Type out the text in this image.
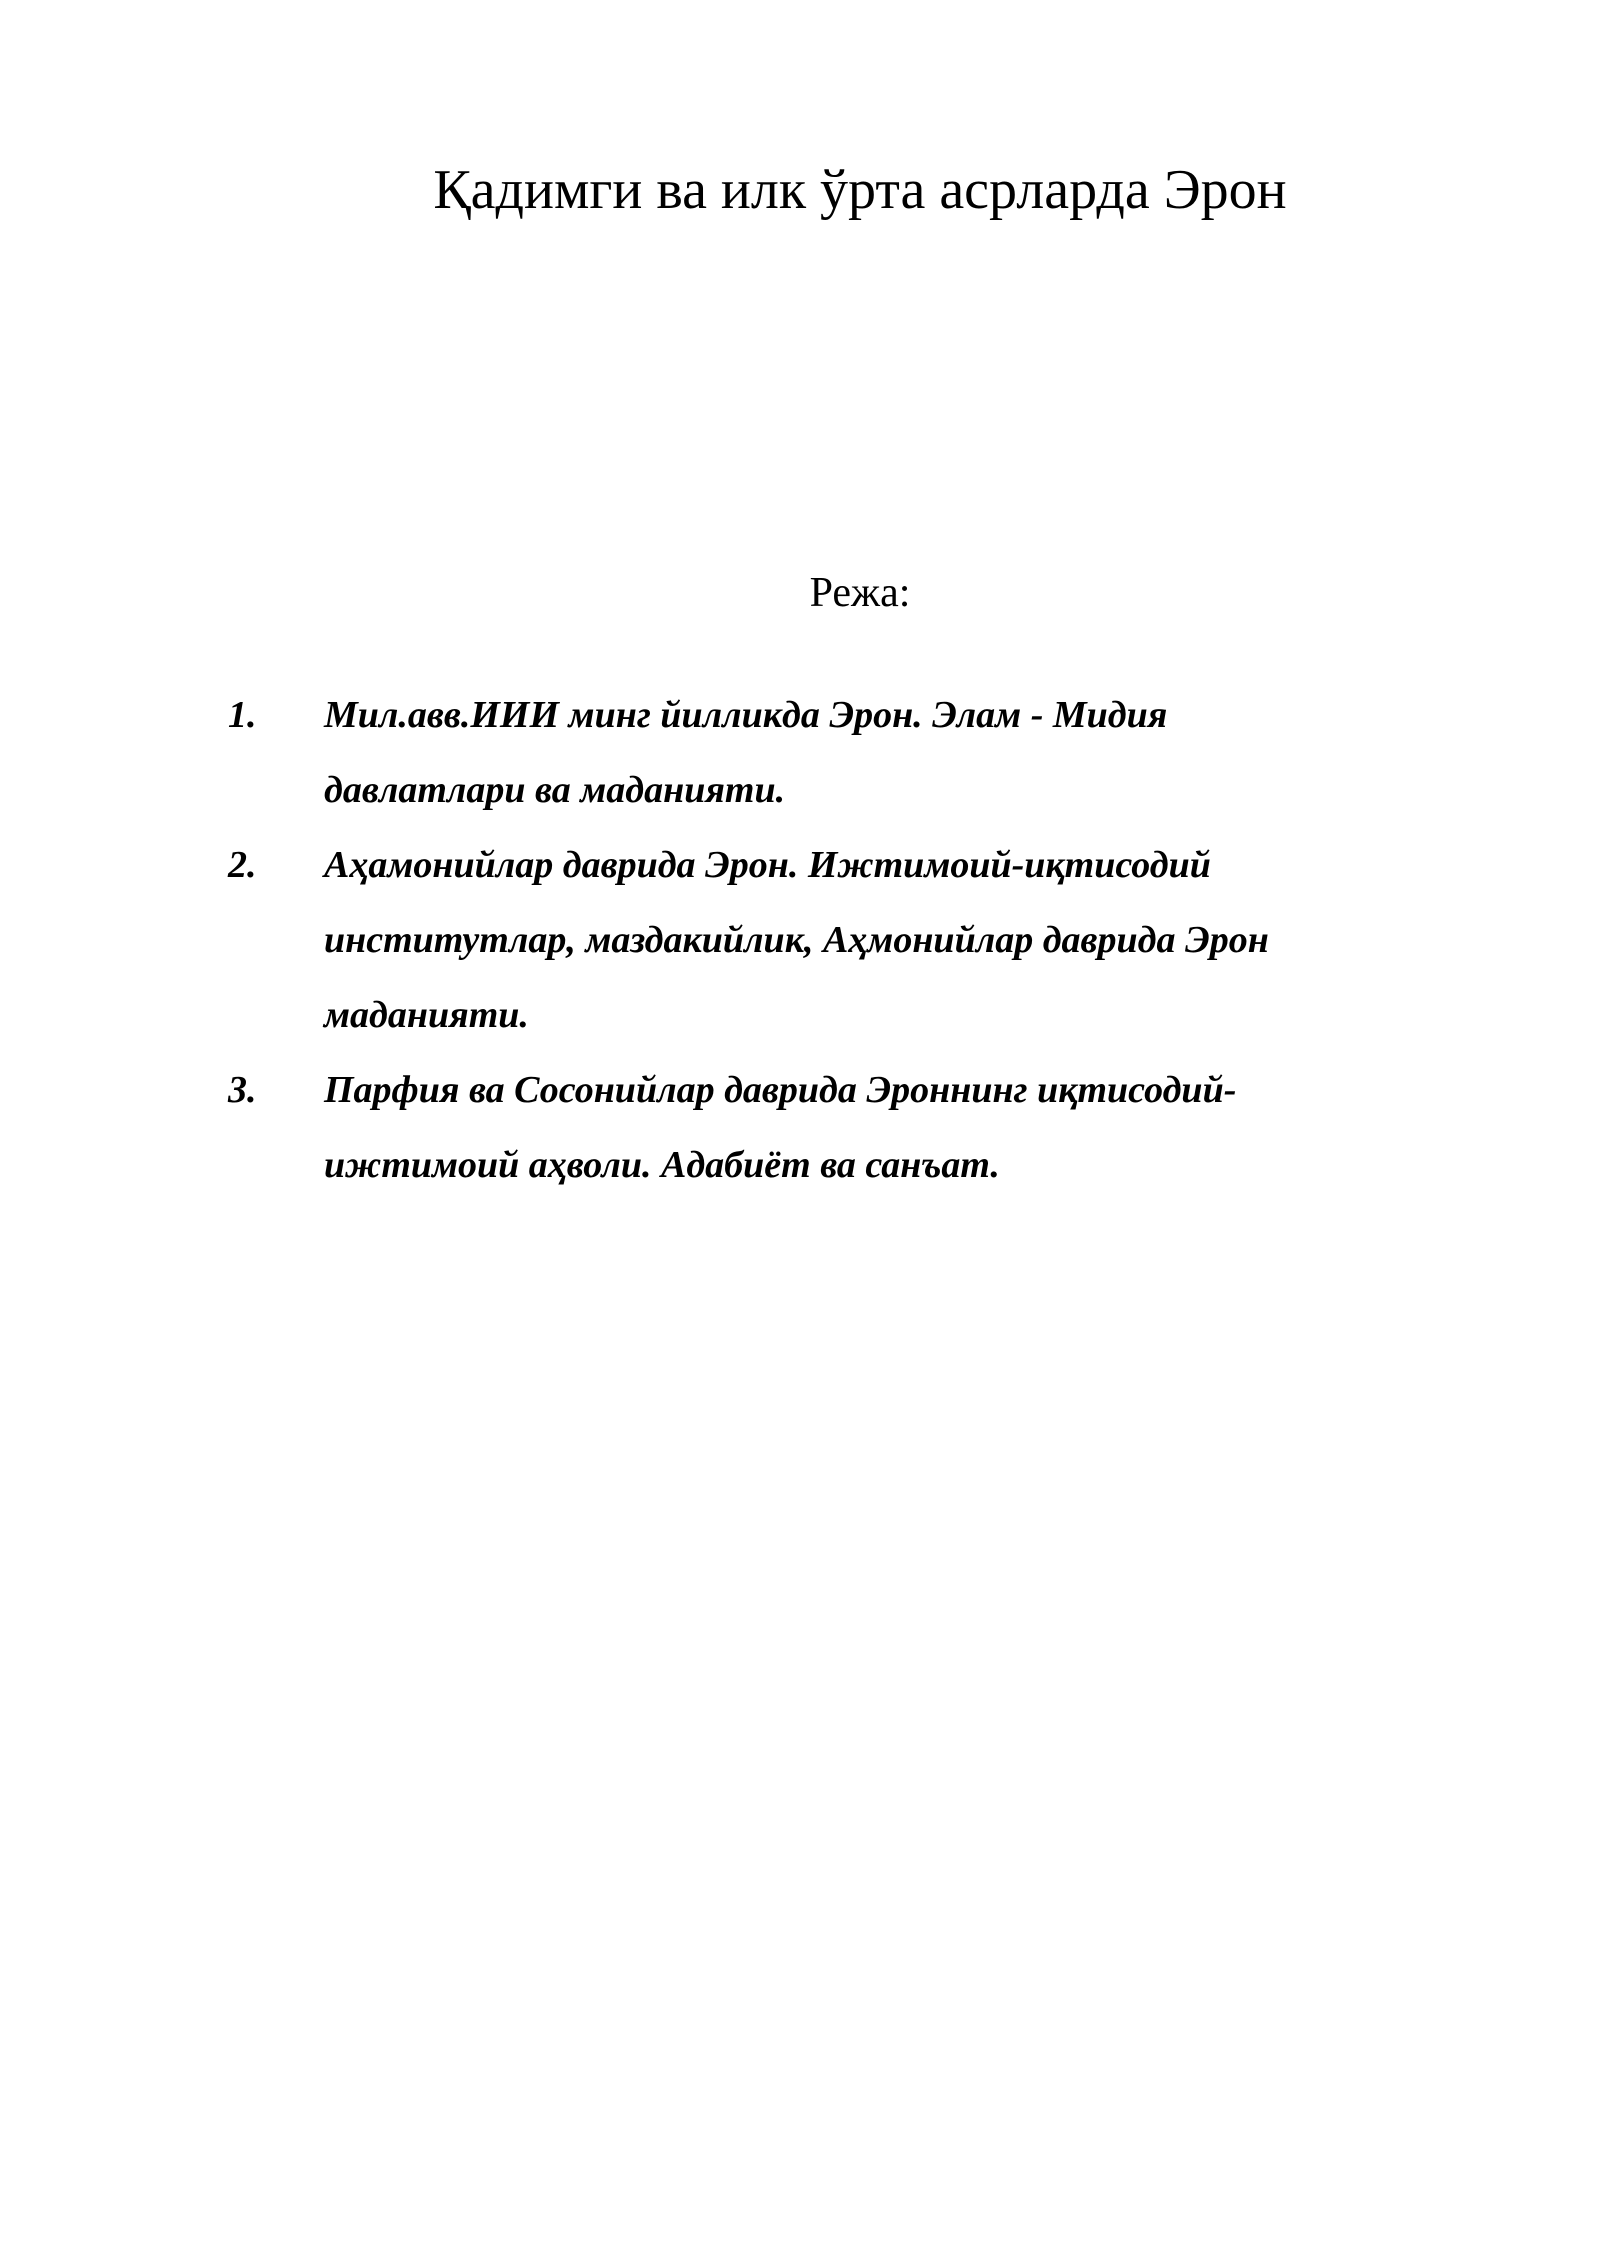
Қадимги ва илк ўрта асрларда Эрон
Режа:
1.	Мил.авв.ИИИ минг йилликда Эрон. Элам - Мидия
давлатлари ва маданияти.
2.	Аҳамонийлар даврида Эрон. Ижтимоий-иқтисодий
институтлар, маздакийлик, Аҳмонийлар даврида Эрон
маданияти.
3.	Парфия ва Сосонийлар даврида Эроннинг иқтисодий-
ижтимоий аҳволи. Адабиёт ва санъат.
